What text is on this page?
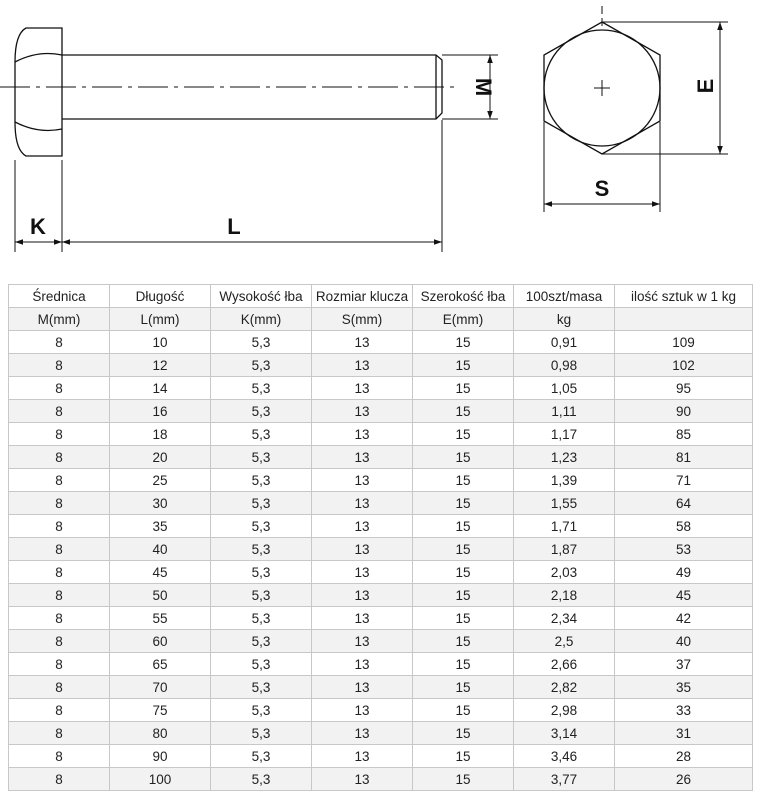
K	L
M	E
S
Średnica	Długość	Wysokość łba	Rozmiar klucza	Szerokość łba	100szt/masa	ilość sztuk w 1 kg
M(mm)	L(mm)	K(mm)	S(mm)	E(mm)	kg	
8	10	5,3	13	15	0,91	109
8	12	5,3	13	15	0,98	102
8	14	5,3	13	15	1,05	95
8	16	5,3	13	15	1,11	90
8	18	5,3	13	15	1,17	85
8	20	5,3	13	15	1,23	81
8	25	5,3	13	15	1,39	71
8	30	5,3	13	15	1,55	64
8	35	5,3	13	15	1,71	58
8	40	5,3	13	15	1,87	53
8	45	5,3	13	15	2,03	49
8	50	5,3	13	15	2,18	45
8	55	5,3	13	15	2,34	42
8	60	5,3	13	15	2,5	40
8	65	5,3	13	15	2,66	37
8	70	5,3	13	15	2,82	35
8	75	5,3	13	15	2,98	33
8	80	5,3	13	15	3,14	31
8	90	5,3	13	15	3,46	28
8	100	5,3	13	15	3,77	26
